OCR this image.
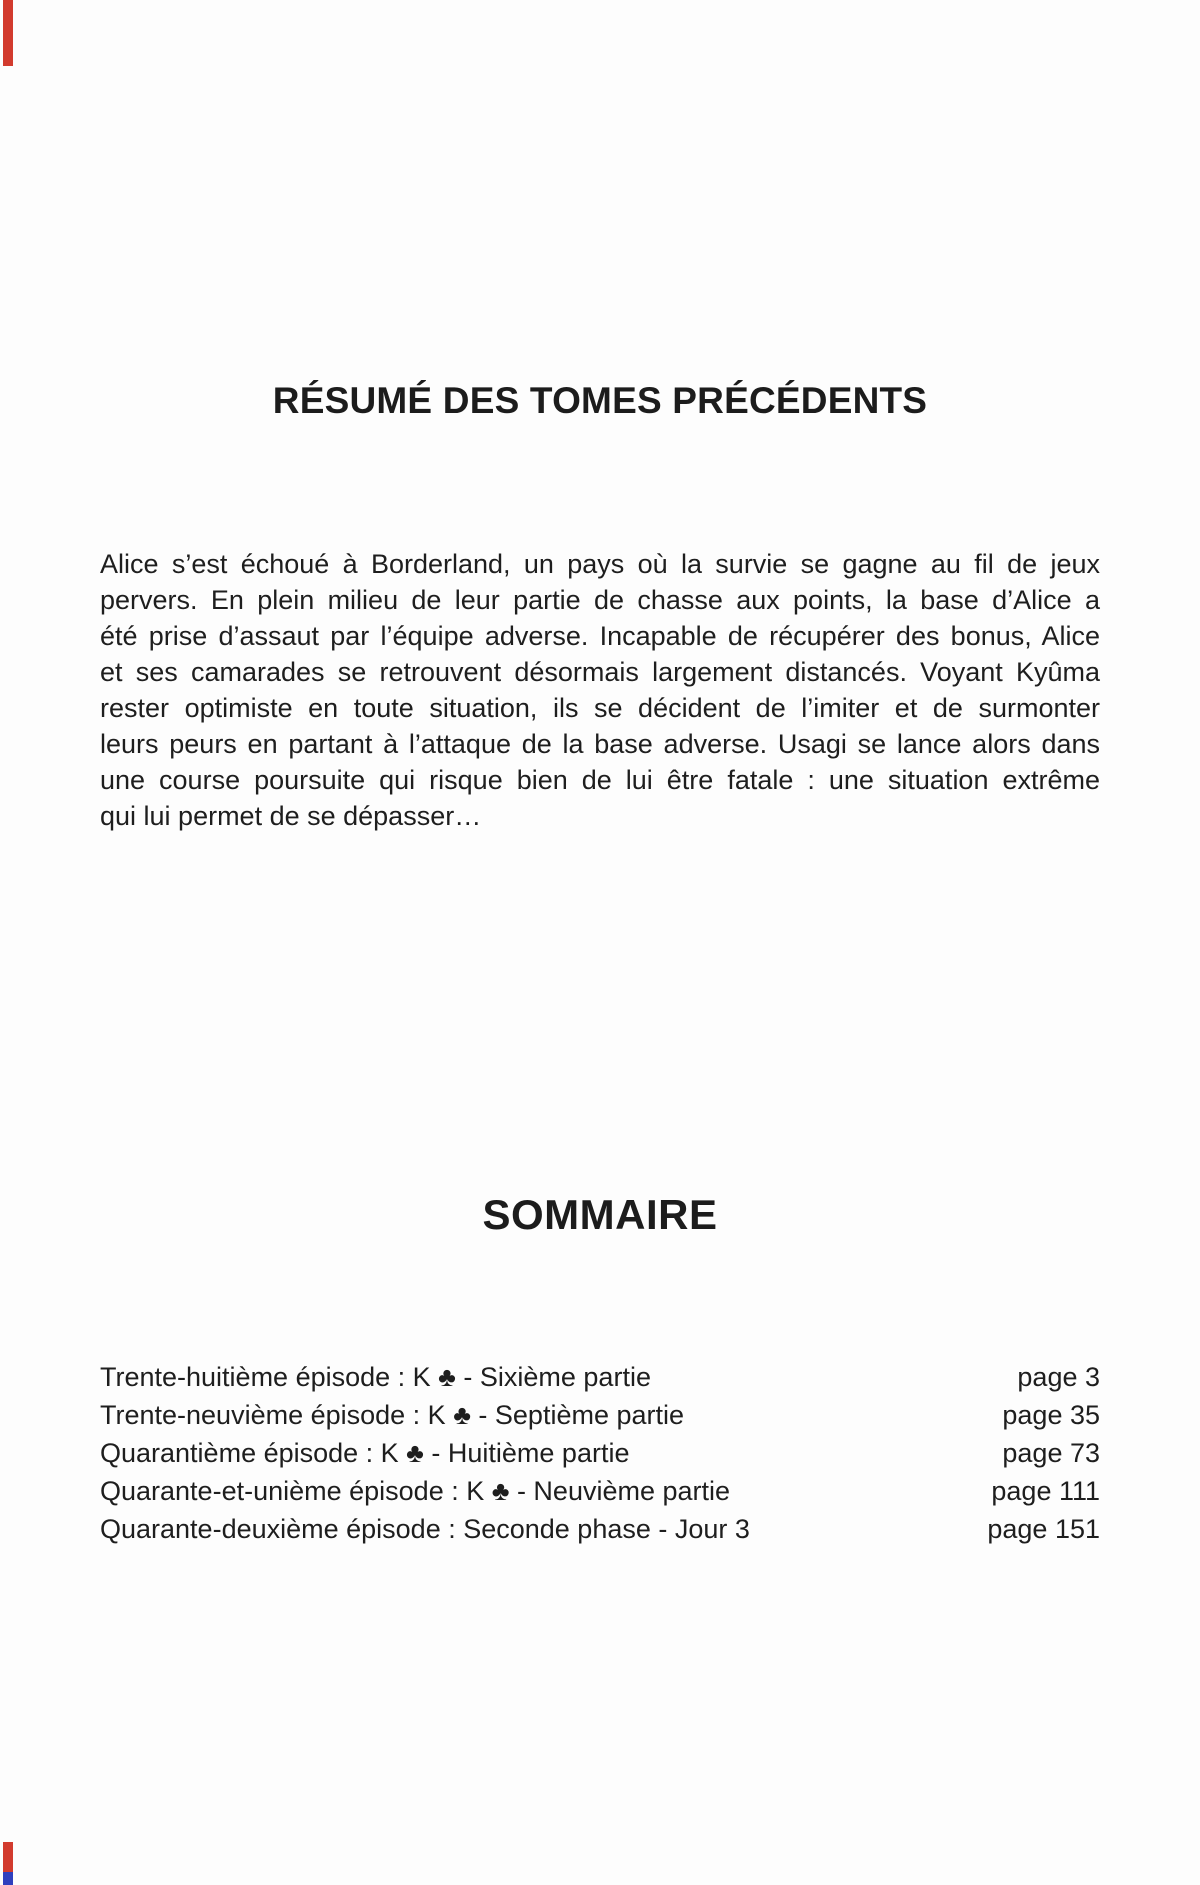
RÉSUMÉ DES TOMES PRÉCÉDENTS
Alice s’est échoué à Borderland, un pays où la survie se gagne au fil de jeux
pervers. En plein milieu de leur partie de chasse aux points, la base d’Alice a
été prise d’assaut par l’équipe adverse. Incapable de récupérer des bonus, Alice
et ses camarades se retrouvent désormais largement distancés. Voyant Kyûma
rester optimiste en toute situation, ils se décident de l’imiter et de surmonter
leurs peurs en partant à l’attaque de la base adverse. Usagi se lance alors dans
une course poursuite qui risque bien de lui être fatale : une situation extrême
qui lui permet de se dépasser…
SOMMAIRE
Trente-huitième épisode : K ♣ - Sixième partie	page 3
Trente-neuvième épisode : K ♣ - Septième partie	page 35
Quarantième épisode : K ♣ - Huitième partie	page 73
Quarante-et-unième épisode : K ♣ - Neuvième partie	page 111
Quarante-deuxième épisode : Seconde phase - Jour 3	page 151
